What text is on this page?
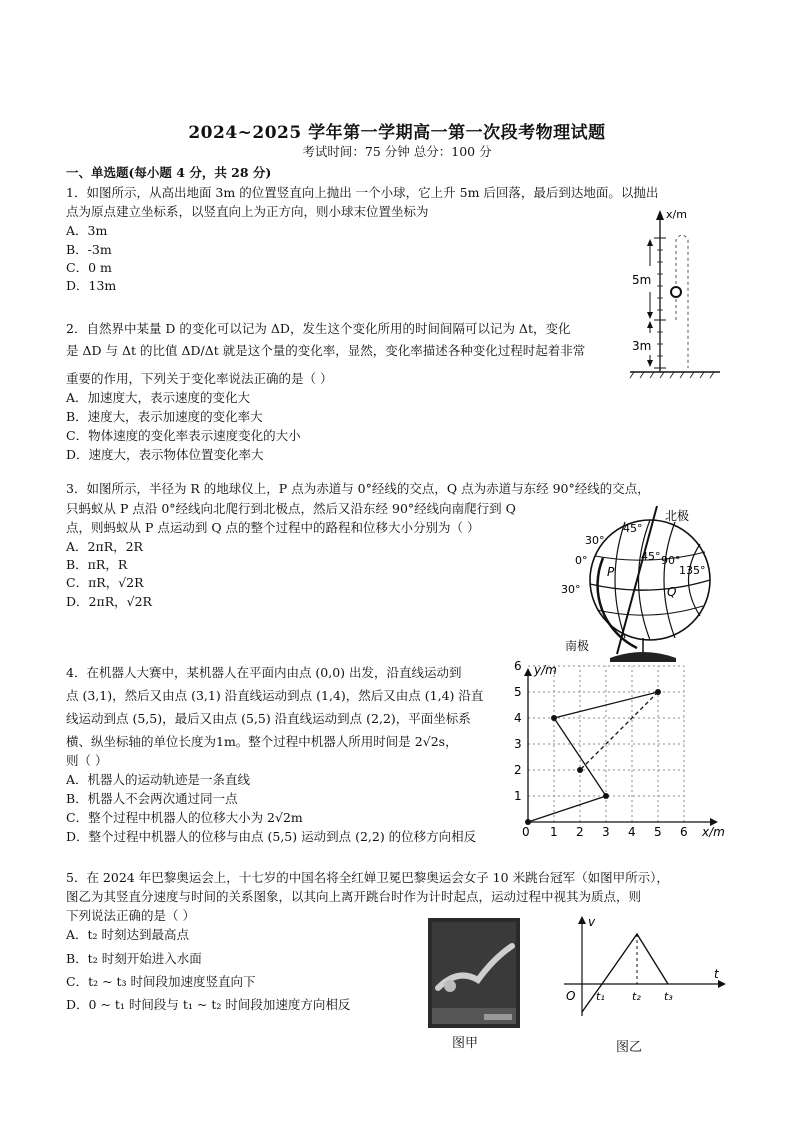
2024~2025 学年第一学期高一第一次段考物理试题
考试时间：75 分钟 总分：100 分
一、单选题(每小题 4 分，共 28 分)
1．如图所示，从高出地面 3m 的位置竖直向上抛出 一个小球，它上升 5m 后回落，最后到达地面。以抛出
点为原点建立坐标系，以竖直向上为正方向，则小球末位置坐标为
A．3m
B．-3m
C．0 m
D．13m
x/m
5m
3m
2．自然界中某量 D 的变化可以记为 ΔD，发生这个变化所用的时间间隔可以记为 Δt，变化
是 ΔD 与 Δt 的比值 ΔD/Δt 就是这个量的变化率，显然，变化率描述各种变化过程时起着非常
重要的作用，下列关于变化率说法正确的是（ ）
A．加速度大，表示速度的变化大
B．速度大，表示加速度的变化率大
C．物体速度的变化率表示速度变化的大小
D．速度大，表示物体位置变化率大
3．如图所示，半径为 R 的地球仪上，P 点为赤道与 0°经线的交点，Q 点为赤道与东经 90°经线的交点，
只蚂蚁从 P 点沿 0°经线向北爬行到北极点，然后又沿东经 90°经线向南爬行到 Q
点，则蚂蚁从 P 点运动到 Q 点的整个过程中的路程和位移大小分别为（ ）
A．2πR，2R
B．πR，R
C．πR，√2R
D．2πR，√2R
北极
南极
30°
0°
30°
45°
45° 90°
135°
P
Q
4．在机器人大赛中，某机器人在平面内由点 (0,0) 出发，沿直线运动到
点 (3,1)，然后又由点 (3,1) 沿直线运动到点 (1,4)，然后又由点 (1,4) 沿直
线运动到点 (5,5)，最后又由点 (5,5) 沿直线运动到点 (2,2)，平面坐标系
横、纵坐标轴的单位长度为1m。整个过程中机器人所用时间是 2√2s，
则（ ）
A．机器人的运动轨迹是一条直线
B．机器人不会两次通过同一点
C．整个过程中机器人的位移大小为 2√2m
D．整个过程中机器人的位移与由点 (5,5) 运动到点 (2,2) 的位移方向相反
y/m
x/m
0 1
1
2
2
3
3
4
4
5
5
6
6
5．在 2024 年巴黎奥运会上，十七岁的中国名将全红婵卫冕巴黎奥运会女子 10 米跳台冠军（如图甲所示），
图乙为其竖直分速度与时间的关系图象，以其向上离开跳台时作为计时起点，运动过程中视其为质点，则
下列说法正确的是（ ）
A．t₂ 时刻达到最高点
B．t₂ 时刻开始进入水面
C．t₂ ~ t₃ 时间段加速度竖直向下
D．0 ~ t₁ 时间段与 t₁ ~ t₂ 时间段加速度方向相反
图甲
v
t
O t₁ t₂ t₃
图乙
